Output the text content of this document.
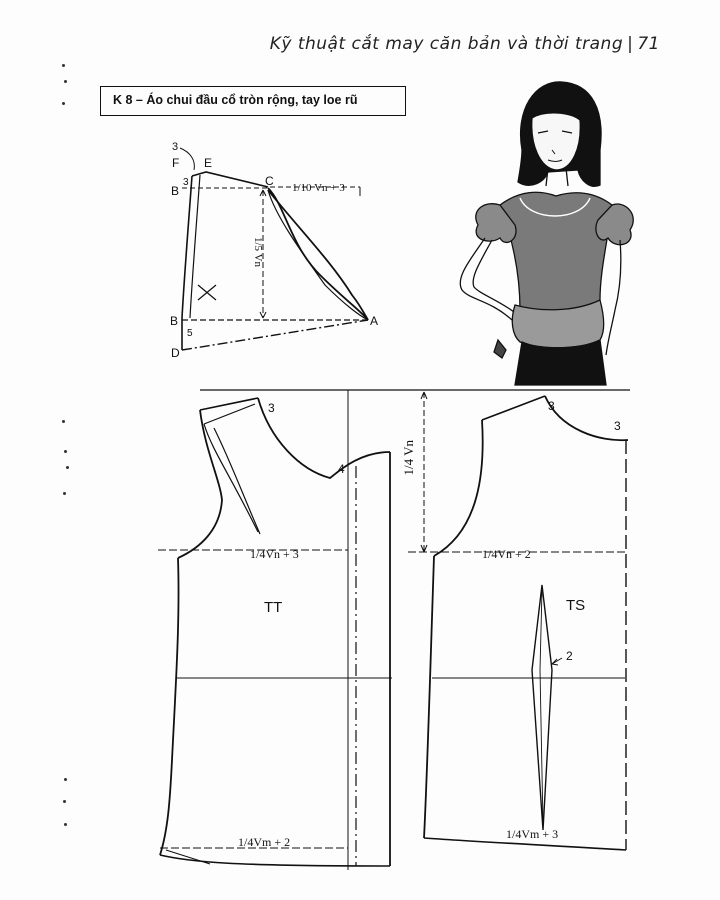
Kỹ thuật cắt may căn bản và thời trang | 71
K 8 – Áo chui đầu cổ tròn rộng, tay loe rũ
3
F E
3
B
C 1/10 Vn + 3
1/5 Vn
B	A
5
D
3
4
1/4Vn + 3
TT
1/4Vm + 2
3
3
1/4 Vn
1/4Vn + 2
TS
2
1/4Vm + 3
